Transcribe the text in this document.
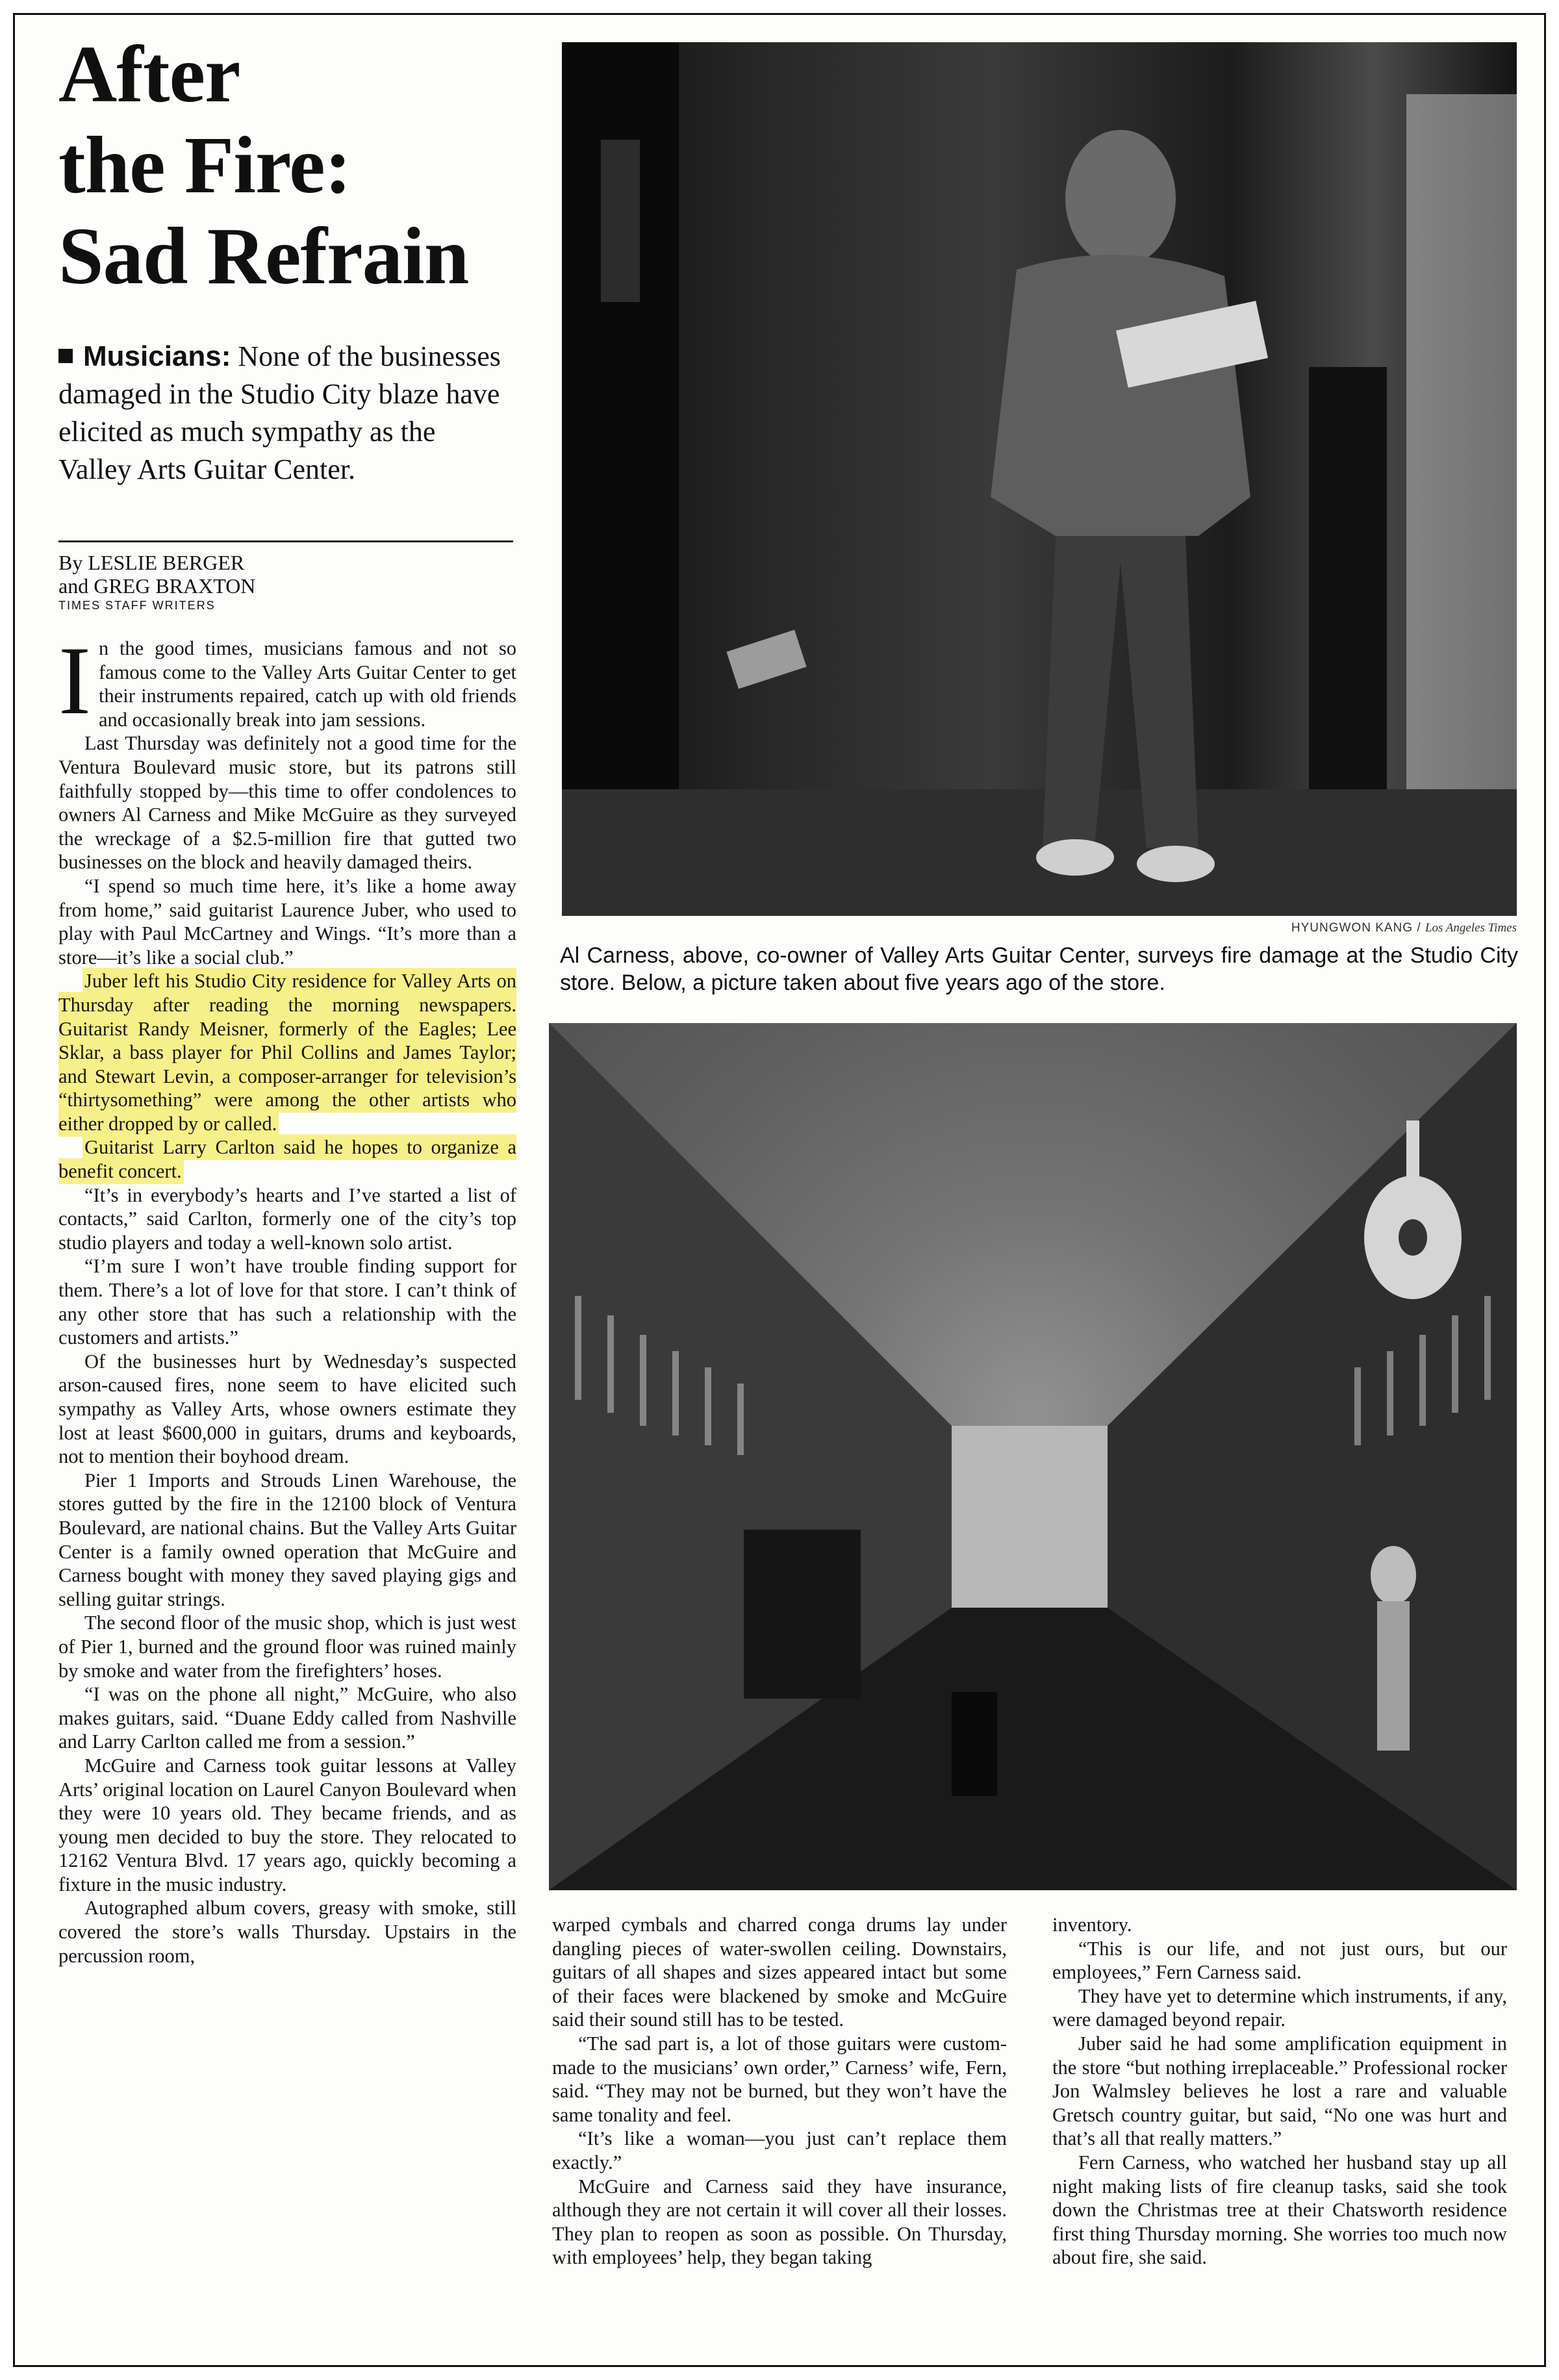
After
the Fire:
Sad Refrain
Musicians: None of the businesses damaged in the Studio City blaze have elicited as much sympathy as the Valley Arts Guitar Center.
By LESLIE BERGER
and GREG BRAXTON
TIMES STAFF WRITERS

In the good times, musicians famous and not so famous come to the Valley Arts Guitar Center to get their instruments repaired, catch up with old friends and occasionally break into jam sessions.

Last Thursday was definitely not a good time for the Ventura Boulevard music store, but its patrons still faithfully stopped by—this time to offer condolences to owners Al Carness and Mike McGuire as they surveyed the wreckage of a $2.5-million fire that gutted two businesses on the block and heavily damaged theirs.

“I spend so much time here, it’s like a home away from home,” said guitarist Laurence Juber, who used to play with Paul McCartney and Wings. “It’s more than a store—it’s like a social club.”

Juber left his Studio City residence for Valley Arts on Thursday after reading the morning newspapers. Guitarist Randy Meisner, formerly of the Eagles; Lee Sklar, a bass player for Phil Collins and James Taylor; and Stewart Levin, a composer-arranger for television’s “thirtysomething” were among the other artists who either dropped by or called.

Guitarist Larry Carlton said he hopes to organize a benefit concert.

“It’s in everybody’s hearts and I’ve started a list of contacts,” said Carlton, formerly one of the city’s top studio players and today a well-known solo artist.

“I’m sure I won’t have trouble finding support for them. There’s a lot of love for that store. I can’t think of any other store that has such a relationship with the customers and artists.”

Of the businesses hurt by Wednesday’s suspected arson-caused fires, none seem to have elicited such sympathy as Valley Arts, whose owners estimate they lost at least $600,000 in guitars, drums and keyboards, not to mention their boyhood dream.

Pier 1 Imports and Strouds Linen Warehouse, the stores gutted by the fire in the 12100 block of Ventura Boulevard, are national chains. But the Valley Arts Guitar Center is a family owned operation that McGuire and Carness bought with money they saved playing gigs and selling guitar strings.

The second floor of the music shop, which is just west of Pier 1, burned and the ground floor was ruined mainly by smoke and water from the firefighters’ hoses.

“I was on the phone all night,” McGuire, who also makes guitars, said. “Duane Eddy called from Nashville and Larry Carlton called me from a session.”

McGuire and Carness took guitar lessons at Valley Arts’ original location on Laurel Canyon Boulevard when they were 10 years old. They became friends, and as young men decided to buy the store. They relocated to 12162 Ventura Blvd. 17 years ago, quickly becoming a fixture in the music industry.

Autographed album covers, greasy with smoke, still covered the store’s walls Thursday. Upstairs in the percussion room,

HYUNGWON KANG / Los Angeles Times
Al Carness, above, co-owner of Valley Arts Guitar Center, surveys fire damage at the Studio City store. Below, a picture taken about five years ago of the store.

warped cymbals and charred conga drums lay under dangling pieces of water-swollen ceiling. Downstairs, guitars of all shapes and sizes appeared intact but some of their faces were blackened by smoke and McGuire said their sound still has to be tested.

“The sad part is, a lot of those guitars were custom-made to the musicians’ own order,” Carness’ wife, Fern, said. “They may not be burned, but they won’t have the same tonality and feel.

“It’s like a woman—you just can’t replace them exactly.”

McGuire and Carness said they have insurance, although they are not certain it will cover all their losses. They plan to reopen as soon as possible. On Thursday, with employees’ help, they began taking

inventory.

“This is our life, and not just ours, but our employees,” Fern Carness said.

They have yet to determine which instruments, if any, were damaged beyond repair.

Juber said he had some amplification equipment in the store “but nothing irreplaceable.” Professional rocker Jon Walmsley believes he lost a rare and valuable Gretsch country guitar, but said, “No one was hurt and that’s all that really matters.”

Fern Carness, who watched her husband stay up all night making lists of fire cleanup tasks, said she took down the Christmas tree at their Chatsworth residence first thing Thursday morning. She worries too much now about fire, she said.
